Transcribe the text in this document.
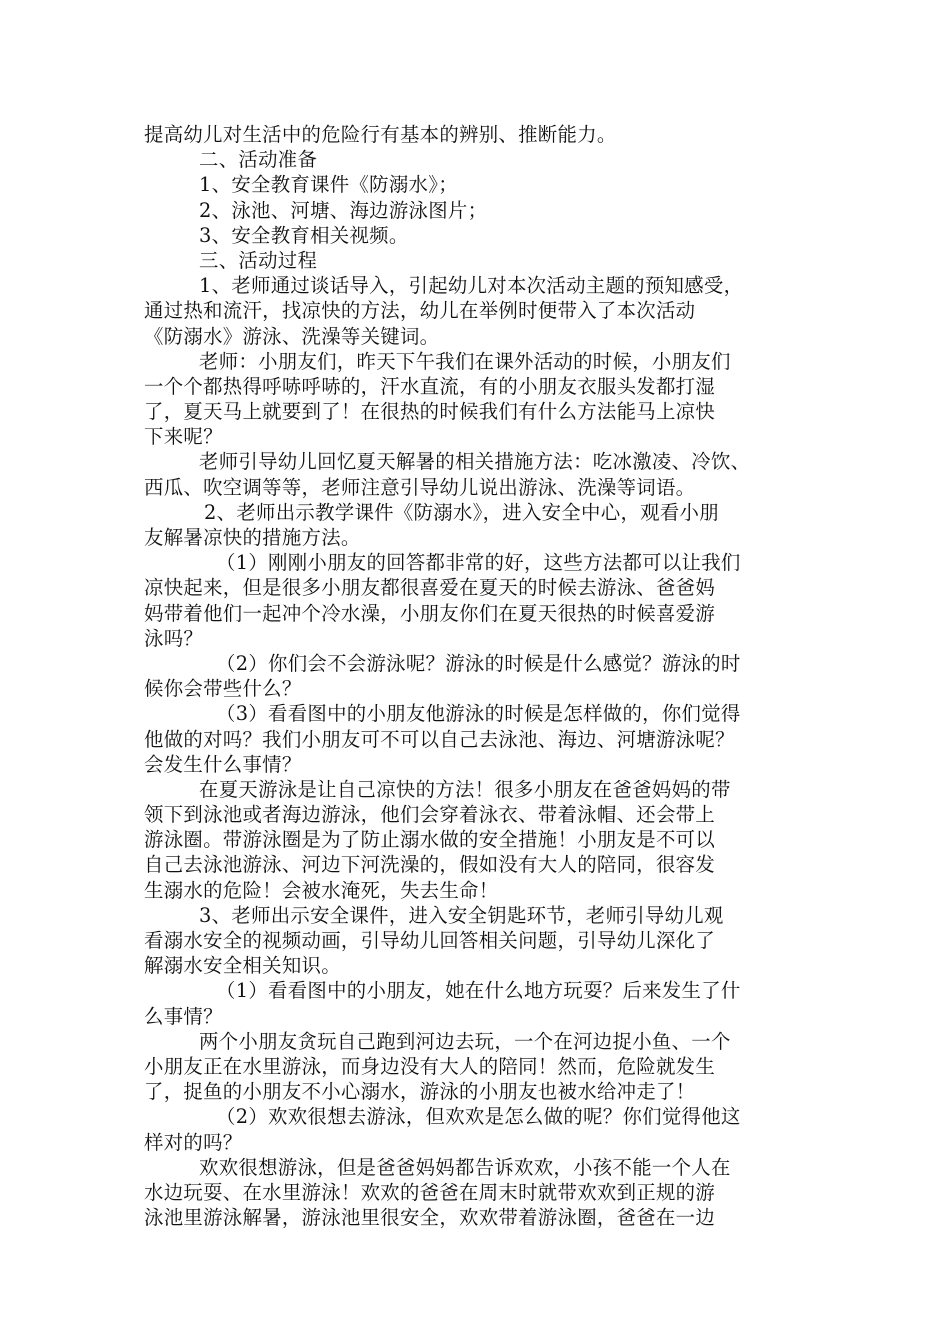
提高幼儿对生活中的危险行有基本的辨别、推断能力。
二、活动准备
1、安全教育课件《防溺水》；
2、泳池、河塘、海边游泳图片；
3、安全教育相关视频。
三、活动过程
1、老师通过谈话导入，引起幼儿对本次活动主题的预知感受，
通过热和流汗，找凉快的方法，幼儿在举例时便带入了本次活动
《防溺水》游泳、洗澡等关键词。
老师：小朋友们，昨天下午我们在课外活动的时候，小朋友们
一个个都热得呼哧呼哧的，汗水直流，有的小朋友衣服头发都打湿
了，夏天马上就要到了！在很热的时候我们有什么方法能马上凉快
下来呢？
老师引导幼儿回忆夏天解暑的相关措施方法：吃冰激凌、冷饮、
西瓜、吹空调等等，老师注意引导幼儿说出游泳、洗澡等词语。
2、老师出示教学课件《防溺水》，进入安全中心，观看小朋
友解暑凉快的措施方法。
（1）刚刚小朋友的回答都非常的好，这些方法都可以让我们
凉快起来，但是很多小朋友都很喜爱在夏天的时候去游泳、爸爸妈
妈带着他们一起冲个冷水澡，小朋友你们在夏天很热的时候喜爱游
泳吗？
（2）你们会不会游泳呢？游泳的时候是什么感觉？游泳的时
候你会带些什么？
（3）看看图中的小朋友他游泳的时候是怎样做的，你们觉得
他做的对吗？我们小朋友可不可以自己去泳池、海边、河塘游泳呢？
会发生什么事情？
在夏天游泳是让自己凉快的方法！很多小朋友在爸爸妈妈的带
领下到泳池或者海边游泳，他们会穿着泳衣、带着泳帽、还会带上
游泳圈。带游泳圈是为了防止溺水做的安全措施！小朋友是不可以
自己去泳池游泳、河边下河洗澡的，假如没有大人的陪同，很容发
生溺水的危险！会被水淹死，失去生命！
3、老师出示安全课件，进入安全钥匙环节，老师引导幼儿观
看溺水安全的视频动画，引导幼儿回答相关问题，引导幼儿深化了
解溺水安全相关知识。
（1）看看图中的小朋友，她在什么地方玩耍？后来发生了什
么事情？
两个小朋友贪玩自己跑到河边去玩，一个在河边捉小鱼、一个
小朋友正在水里游泳，而身边没有大人的陪同！然而，危险就发生
了，捉鱼的小朋友不小心溺水，游泳的小朋友也被水给冲走了！
（2）欢欢很想去游泳，但欢欢是怎么做的呢？你们觉得他这
样对的吗？
欢欢很想游泳，但是爸爸妈妈都告诉欢欢，小孩不能一个人在
水边玩耍、在水里游泳！欢欢的爸爸在周末时就带欢欢到正规的游
泳池里游泳解暑，游泳池里很安全，欢欢带着游泳圈，爸爸在一边
